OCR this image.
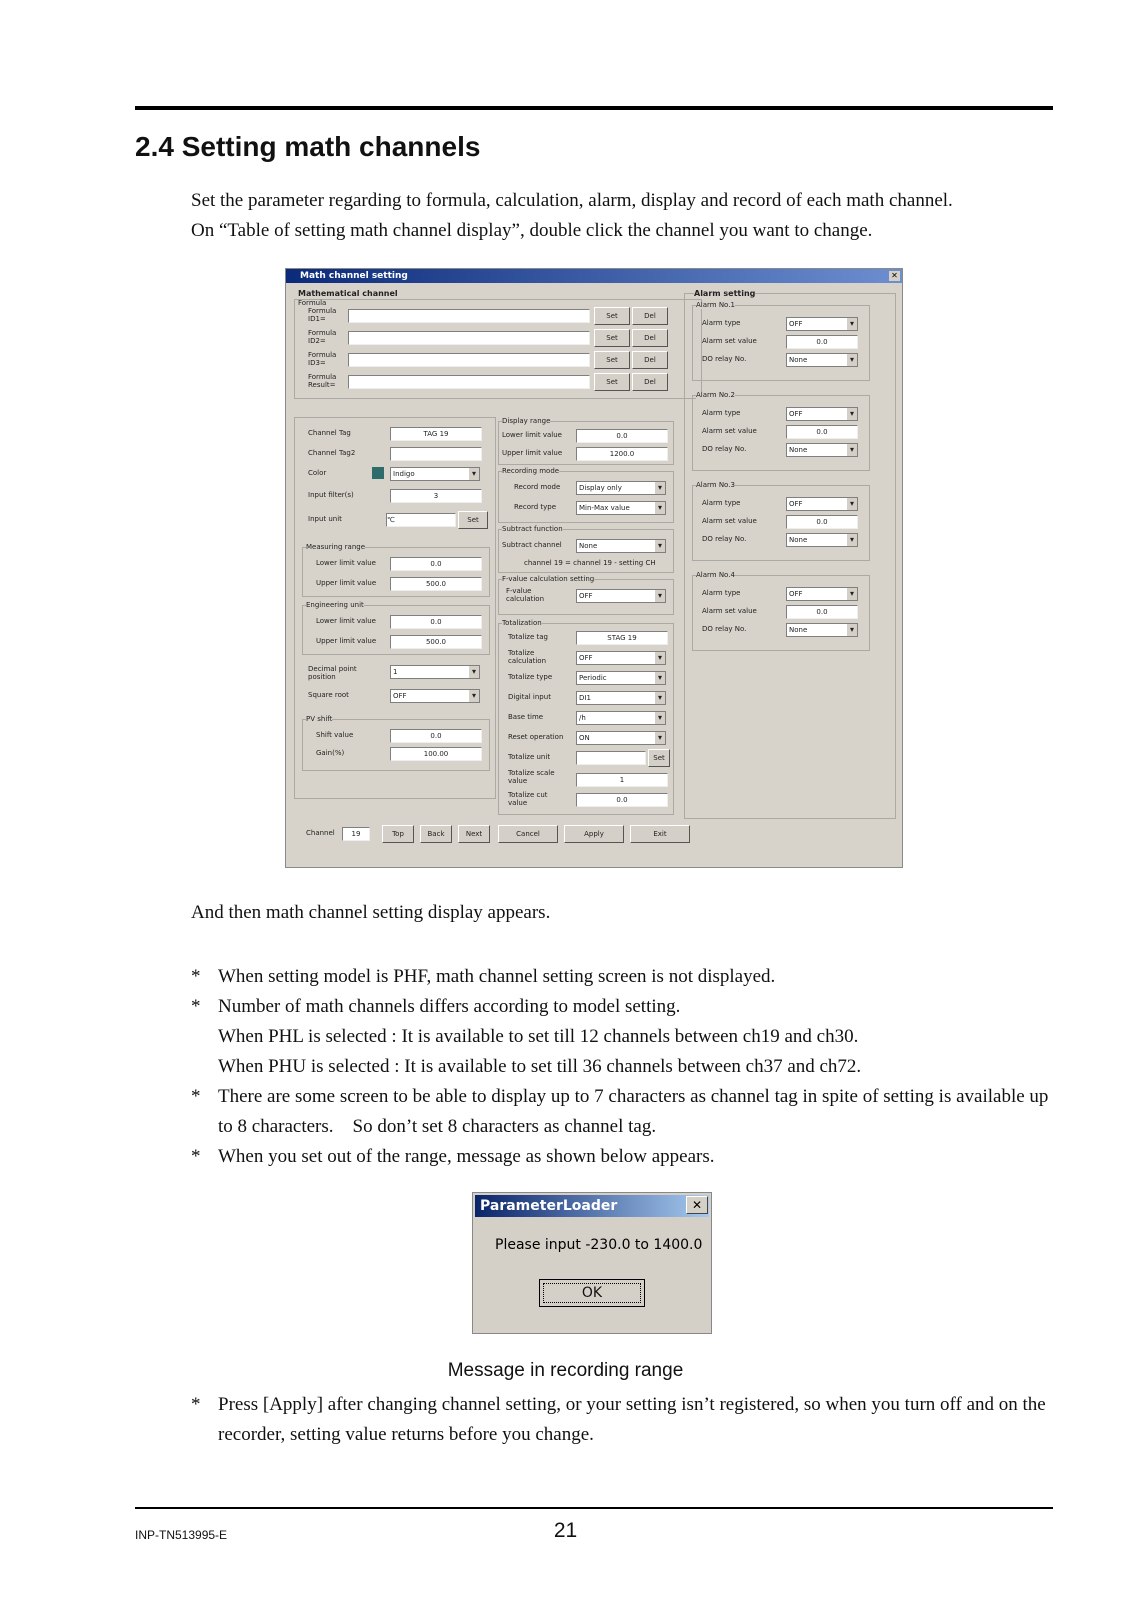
2.4 Setting math channels
Set the parameter regarding to formula, calculation, alarm, display and record of each math channel.
On “Table of setting math channel display”, double click the channel you want to change.
Math channel setting	✕
Mathematical channel
Formula
Formula ID1=	Set	Del
Formula ID2=	Set	Del
Formula ID3=	Set	Del
Formula Result=	Set	Del
Channel Tag	TAG 19
Channel Tag2
Color	Indigo ▾
Input filter(s)	3
Input unit	℃	Set
Measuring range
Lower limit value	0.0
Upper limit value	500.0
Engineering unit
Lower limit value	0.0
Upper limit value	500.0
Decimal point position
1 ▾
Square root	OFF ▾
PV shift
Shift value	0.0
Gain(%)	100.00
Display range
Lower limit value	0.0
Upper limit value	1200.0
Recording mode
Record mode	Display only ▾
Record type	Min-Max value ▾
Subtract function
Subtract channel	None ▾
channel 19 = channel 19 - setting CH
F-value calculation setting
F-value calculation	OFF ▾
Totalization
Totalize tag	STAG 19
Totalize calculation	OFF ▾
Totalize type	Periodic ▾
Digital input	DI1 ▾
Base time	/h ▾
Reset operation	ON ▾
Totalize unit	Set
Totalize scale value	1
Totalize cut value	0.0
Alarm setting
Alarm No.1
Alarm type	OFF ▾
Alarm set value	0.0
DO relay No.	None ▾
Alarm No.2
Alarm type	OFF ▾
Alarm set value	0.0
DO relay No.	None ▾
Alarm No.3
Alarm type	OFF ▾
Alarm set value	0.0
DO relay No.	None ▾
Alarm No.4
Alarm type	OFF ▾
Alarm set value	0.0
DO relay No.	None ▾
Channel	19	Top	Back	Next	Cancel	Apply	Exit
And then math channel setting display appears.
* When setting model is PHF, math channel setting screen is not displayed.
* Number of math channels differs according to model setting.
When PHL is selected : It is available to set till 12 channels between ch19 and ch30.
When PHU is selected : It is available to set till 36 channels between ch37 and ch72.
* There are some screen to be able to display up to 7 characters as channel tag in spite of setting is available up to 8 characters.　So don’t set 8 characters as channel tag.
* When you set out of the range, message as shown below appears.
ParameterLoader	✕
Please input -230.0 to 1400.0
OK
Message in recording range
* Press [Apply] after changing channel setting, or your setting isn’t registered, so when you turn off and on the recorder, setting value returns before you change.
INP-TN513995-E	21
